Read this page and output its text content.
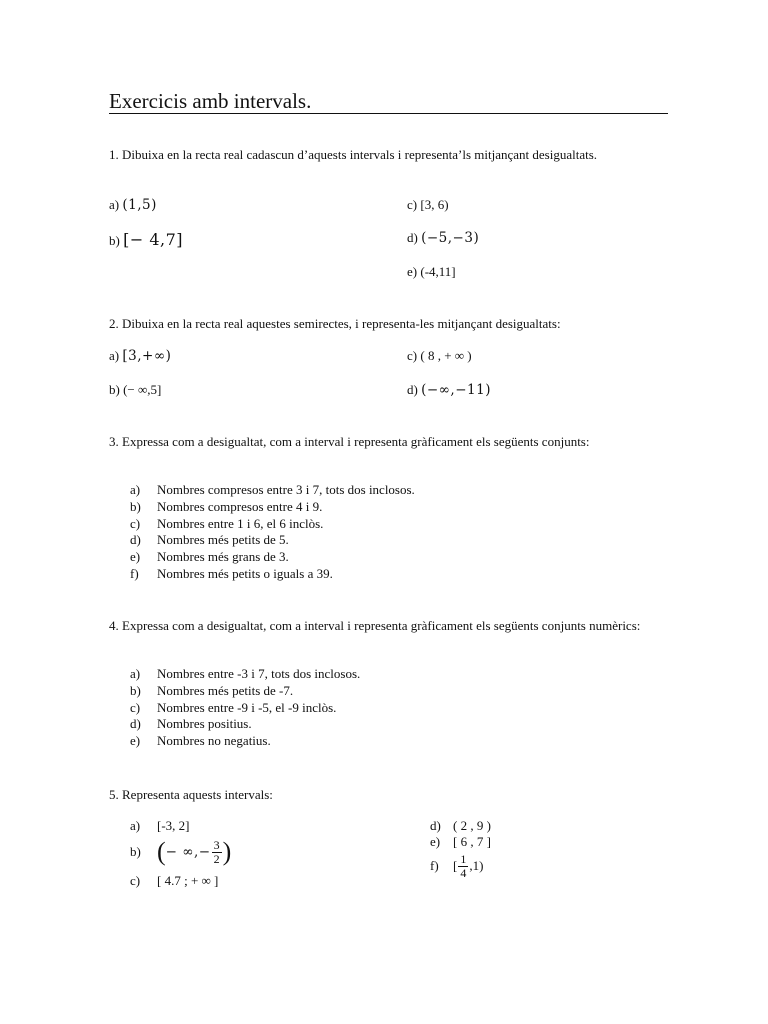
Exercicis amb intervals.
1. Dibuixa en la recta real cadascun d’aquests intervals i representa’ls mitjançant desigualtats.
a) (1,5)	c) [3, 6)
b) [− 4,7]	d) (−5,−3)
e) (-4,11]
2. Dibuixa en la recta real aquestes semirectes, i representa-les mitjançant desigualtats:
a) [3,+∞)	c) ( 8 , + ∞ )
b) (− ∞,5]	d) (−∞,−11)
3. Expressa com a desigualtat, com a interval i representa gràficament els següents conjunts:
a) Nombres compresos entre 3 i 7, tots dos inclosos.
b) Nombres compresos entre 4 i 9.
c) Nombres entre 1 i 6, el 6 inclòs.
d) Nombres més petits de 5.
e) Nombres més grans de 3.
f) Nombres més petits o iguals a 39.
4. Expressa com a desigualtat, com a interval i representa gràficament els següents conjunts numèrics:
a) Nombres entre -3 i 7, tots dos inclosos.
b) Nombres més petits de -7.
c) Nombres entre -9 i -5, el -9 inclòs.
d) Nombres positius.
e) Nombres no negatius.
5. Representa aquests intervals:
a) [-3, 2]
b) ( − ∞,− $\frac{3}{2}$ )
c) [ 4.7 ; + ∞ ]
d) ( 2 , 9 )
e) [ 6 , 7 ]
f)	[ $\frac{1}{4} ,1$)
